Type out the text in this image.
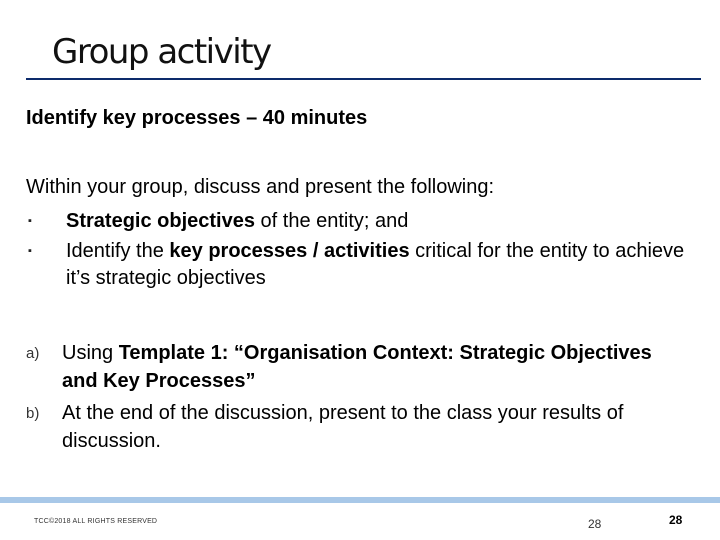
Group activity
Identify key processes – 40 minutes
Within your group, discuss and present the following:
▪ Strategic objectives of the entity; and
▪ Identify the key processes / activities critical for the entity to achieve it’s strategic objectives
a) Using Template 1: “Organisation Context: Strategic Objectives and Key Processes”
b) At the end of the discussion, present to the class your results of discussion.
TCC©2018 ALL RIGHTS RESERVED	28	28
